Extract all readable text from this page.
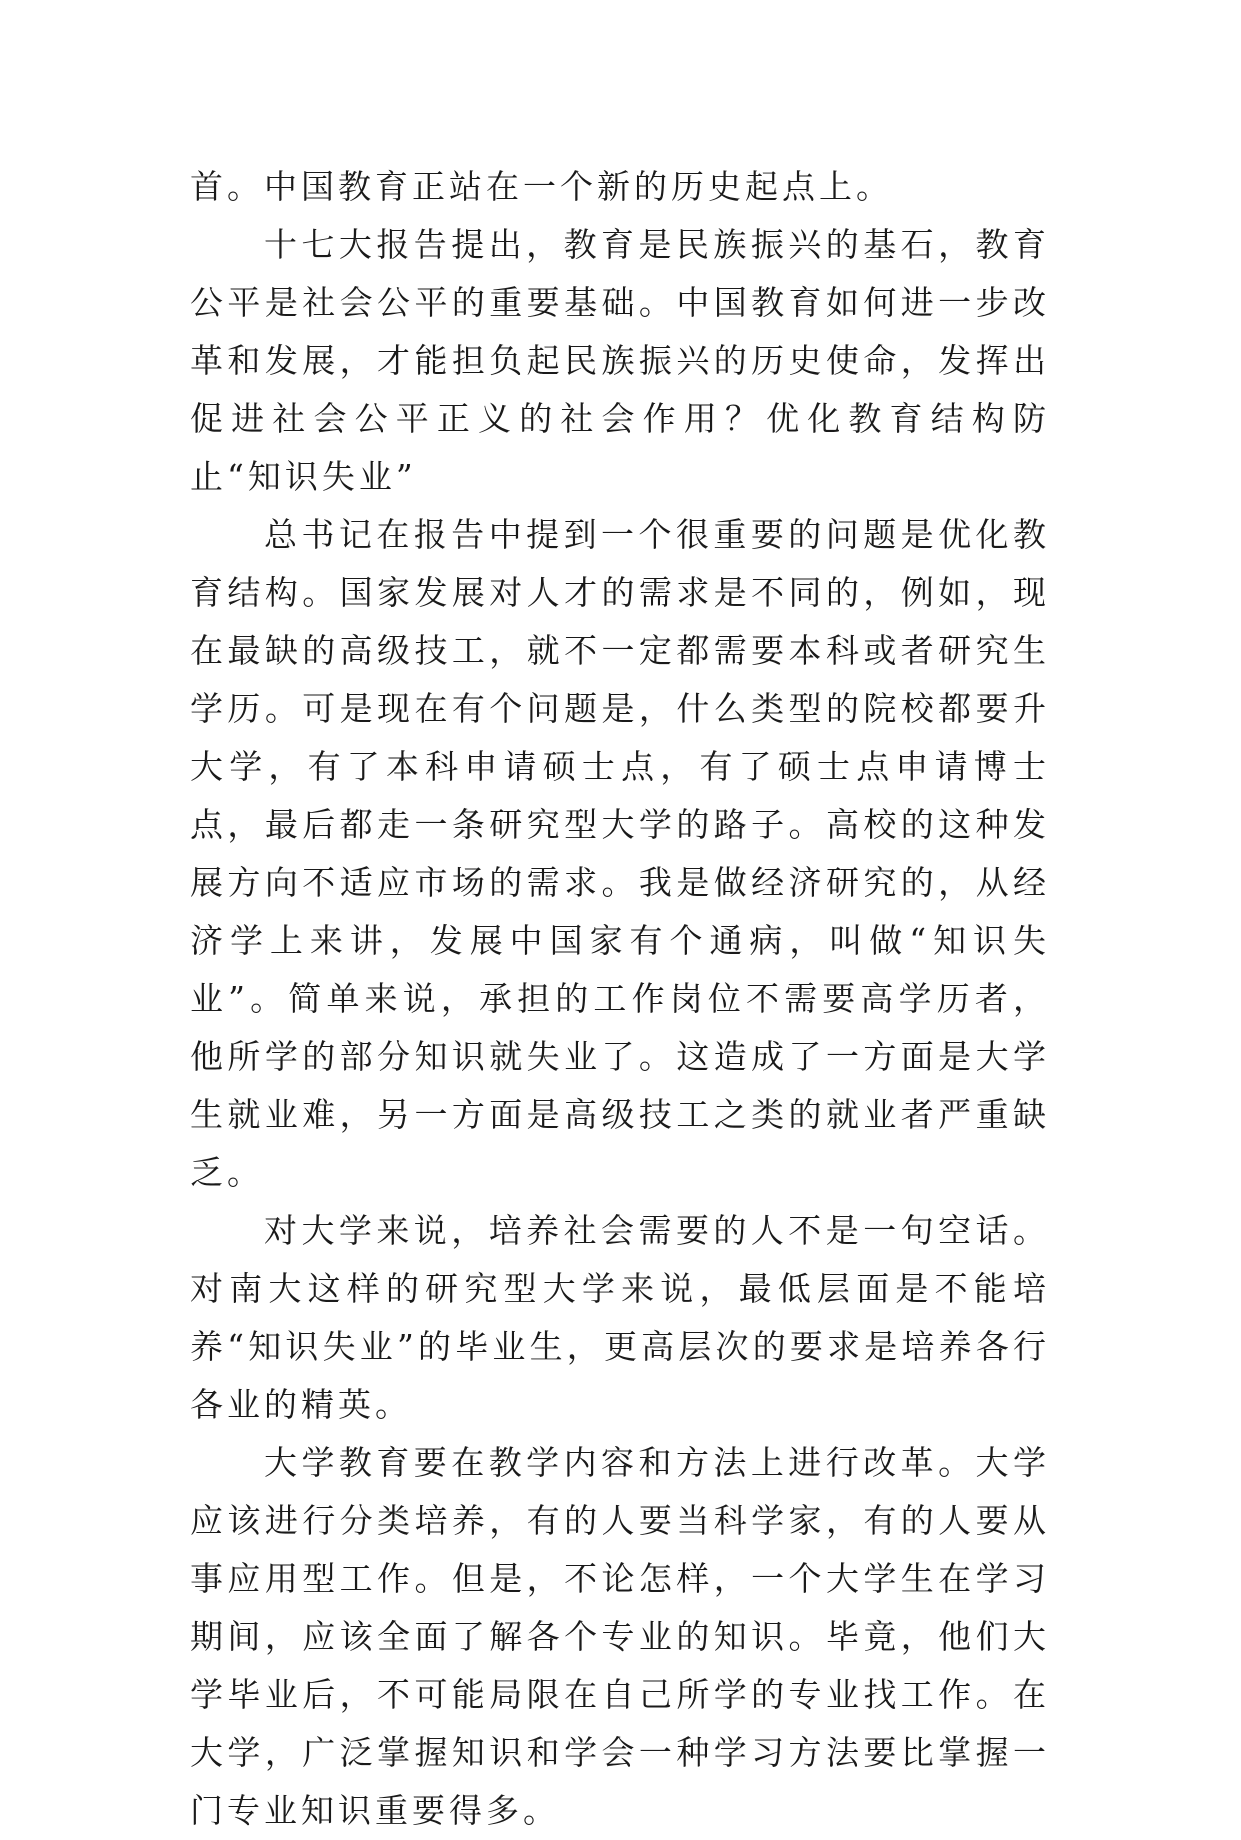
首。中国教育正站在一个新的历史起点上。

十七大报告提出，教育是民族振兴的基石，教育公平是社会公平的重要基础。中国教育如何进一步改革和发展，才能担负起民族振兴的历史使命，发挥出促进社会公平正义的社会作用？优化教育结构防止“知识失业”

总书记在报告中提到一个很重要的问题是优化教育结构。国家发展对人才的需求是不同的，例如，现在最缺的高级技工，就不一定都需要本科或者研究生学历。可是现在有个问题是，什么类型的院校都要升大学，有了本科申请硕士点，有了硕士点申请博士点，最后都走一条研究型大学的路子。高校的这种发展方向不适应市场的需求。我是做经济研究的，从经济学上来讲，发展中国家有个通病，叫做“知识失业”。简单来说，承担的工作岗位不需要高学历者，他所学的部分知识就失业了。这造成了一方面是大学生就业难，另一方面是高级技工之类的就业者严重缺乏。

对大学来说，培养社会需要的人不是一句空话。对南大这样的研究型大学来说，最低层面是不能培养“知识失业”的毕业生，更高层次的要求是培养各行各业的精英。

大学教育要在教学内容和方法上进行改革。大学应该进行分类培养，有的人要当科学家，有的人要从事应用型工作。但是，不论怎样，一个大学生在学习期间，应该全面了解各个专业的知识。毕竟，他们大学毕业后，不可能局限在自己所学的专业找工作。在大学，广泛掌握知识和学会一种学习方法要比掌握一门专业知识重要得多。
